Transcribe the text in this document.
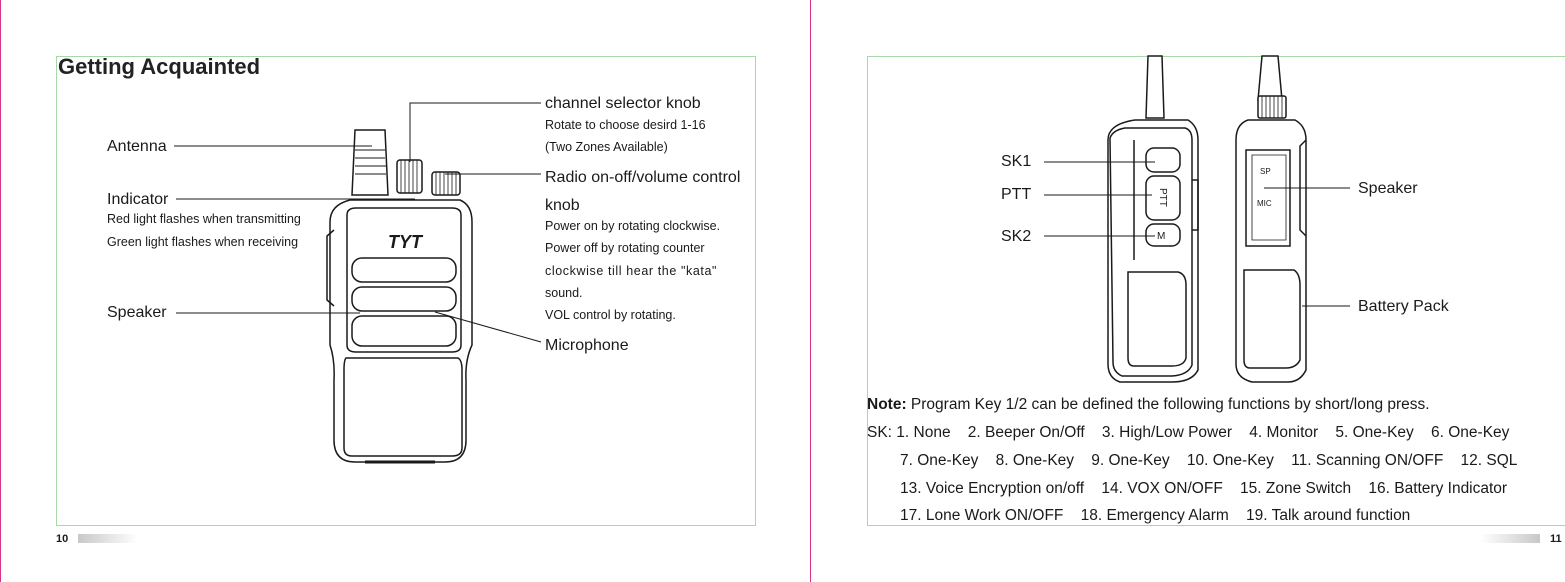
Getting Acquainted
TYT
PTT
M
SP
MIC
Antenna
Indicator
Red light flashes when transmitting
Green light flashes when receiving
Speaker
channel selector knob
Rotate to choose desird 1-16
(Two Zones Available)
Radio on-off/volume control
knob
Power on by rotating clockwise.
Power off by rotating counter
clockwise till hear the "kata"
sound.
VOL control by rotating.
Microphone
10
SK1
PTT
SK2
Speaker
Battery Pack
Note: Program Key 1/2 can be defined the following functions by short/long press.
SK: 1. None    2. Beeper On/Off    3. High/Low Power    4. Monitor    5. One-Key    6. One-Key
7. One-Key    8. One-Key    9. One-Key    10. One-Key    11. Scanning ON/OFF    12. SQL
13. Voice Encryption on/off    14. VOX ON/OFF    15. Zone Switch    16. Battery Indicator
17. Lone Work ON/OFF    18. Emergency Alarm    19. Talk around function
11
